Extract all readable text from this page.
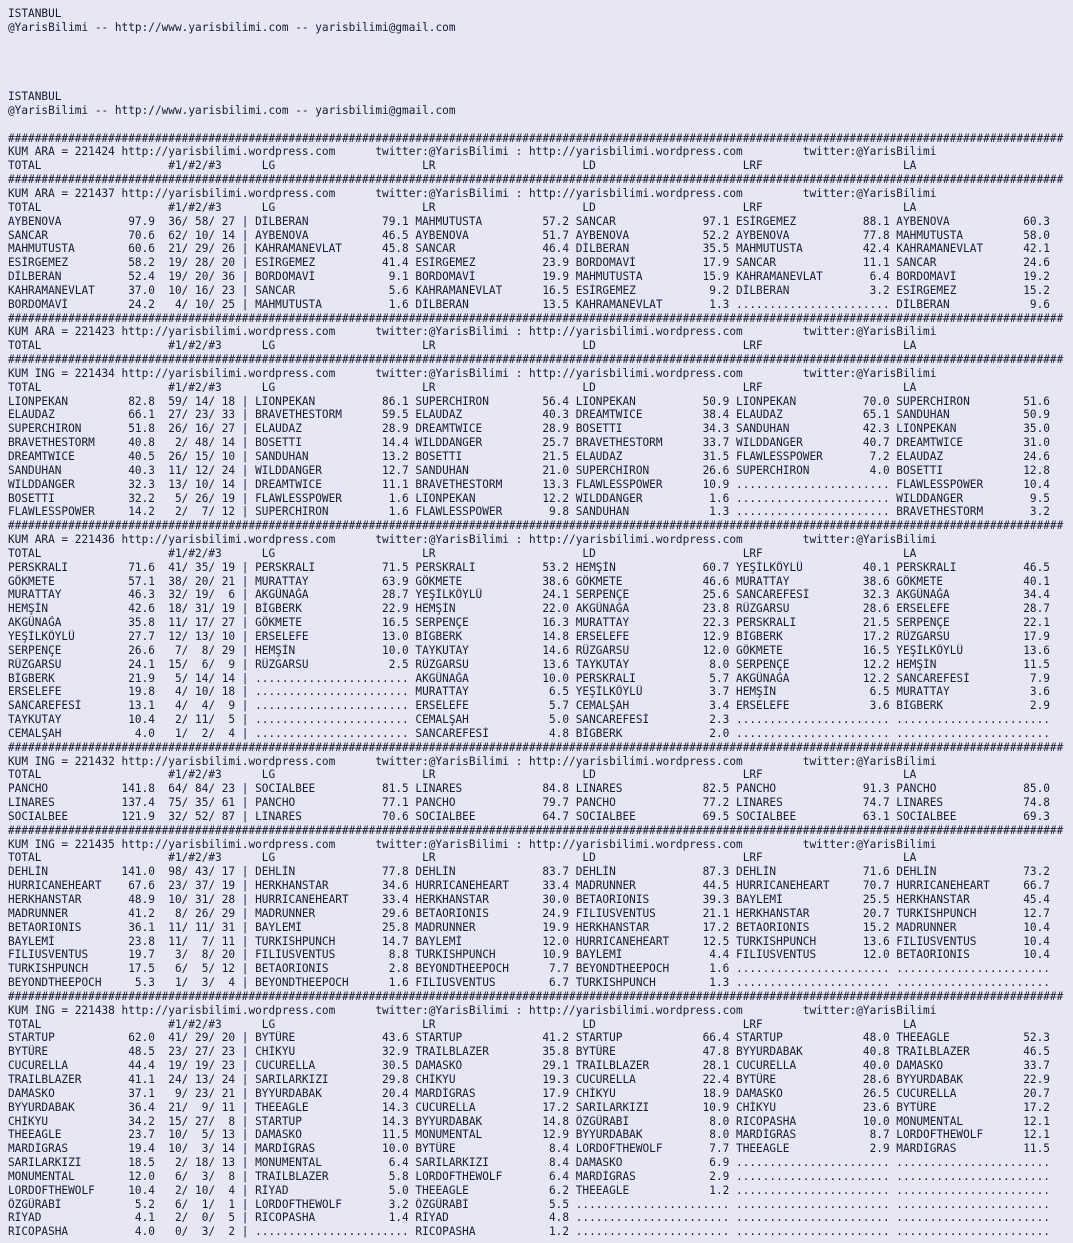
ISTANBUL
@YarisBilimi -- http://www.yarisbilimi.com -- yarisbilimi@gmail.com
ISTANBUL
@YarisBilimi -- http://www.yarisbilimi.com -- yarisbilimi@gmail.com
##############################################################################################################################################################
KUM ARA = 221424 http://yarisbilimi.wordpress.com      twitter:@YarisBilimi : http://yarisbilimi.wordpress.com         twitter:@YarisBilimi
TOTAL                   #1/#2/#3      LG                      LR                      LD                      LRF                     LA
##############################################################################################################################################################
KUM ARA = 221437 http://yarisbilimi.wordpress.com      twitter:@YarisBilimi : http://yarisbilimi.wordpress.com         twitter:@YarisBilimi
TOTAL                   #1/#2/#3      LG                      LR                      LD                      LRF                     LA
AYBENOVA          97.9  36/ 58/ 27 | DİLBERAN           79.1 MAHMUTUSTA         57.2 SANCAR             97.1 ESİRGEMEZ          88.1 AYBENOVA           60.3
SANCAR            70.6  62/ 10/ 14 | AYBENOVA           46.5 AYBENOVA           51.7 AYBENOVA           52.2 AYBENOVA           77.8 MAHMUTUSTA         58.0
MAHMUTUSTA        60.6  21/ 29/ 26 | KAHRAMANEVLAT      45.8 SANCAR             46.4 DİLBERAN           35.5 MAHMUTUSTA         42.4 KAHRAMANEVLAT      42.1
ESİRGEMEZ         58.2  19/ 28/ 20 | ESİRGEMEZ          41.4 ESİRGEMEZ          23.9 BORDOMAVİ          17.9 SANCAR             11.1 SANCAR             24.6
DİLBERAN          52.4  19/ 20/ 36 | BORDOMAVİ           9.1 BORDOMAVİ          19.9 MAHMUTUSTA         15.9 KAHRAMANEVLAT       6.4 BORDOMAVİ          19.2
KAHRAMANEVLAT     37.0  10/ 16/ 23 | SANCAR              5.6 KAHRAMANEVLAT      16.5 ESİRGEMEZ           9.2 DİLBERAN            3.2 ESİRGEMEZ          15.2
BORDOMAVİ         24.2   4/ 10/ 25 | MAHMUTUSTA          1.6 DİLBERAN           13.5 KAHRAMANEVLAT       1.3 ....................... DİLBERAN            9.6
##############################################################################################################################################################
KUM ARA = 221423 http://yarisbilimi.wordpress.com      twitter:@YarisBilimi : http://yarisbilimi.wordpress.com         twitter:@YarisBilimi
TOTAL                   #1/#2/#3      LG                      LR                      LD                      LRF                     LA
##############################################################################################################################################################
KUM ING = 221434 http://yarisbilimi.wordpress.com      twitter:@YarisBilimi : http://yarisbilimi.wordpress.com         twitter:@YarisBilimi
TOTAL                   #1/#2/#3      LG                      LR                      LD                      LRF                     LA
LIONPEKAN         82.8  59/ 14/ 18 | LIONPEKAN          86.1 SUPERCHIRON        56.4 LIONPEKAN          50.9 LIONPEKAN          70.0 SUPERCHIRON        51.6
ELAUDAZ           66.1  27/ 23/ 33 | BRAVETHESTORM      59.5 ELAUDAZ            40.3 DREAMTWICE         38.4 ELAUDAZ            65.1 SANDUHAN           50.9
SUPERCHIRON       51.8  26/ 16/ 27 | ELAUDAZ            28.9 DREAMTWICE         28.9 BOSETTI            34.3 SANDUHAN           42.3 LIONPEKAN          35.0
BRAVETHESTORM     40.8   2/ 48/ 14 | BOSETTI            14.4 WILDDANGER         25.7 BRAVETHESTORM      33.7 WILDDANGER         40.7 DREAMTWICE         31.0
DREAMTWICE        40.5  26/ 15/ 10 | SANDUHAN           13.2 BOSETTI            21.5 ELAUDAZ            31.5 FLAWLESSPOWER       7.2 ELAUDAZ            24.6
SANDUHAN          40.3  11/ 12/ 24 | WILDDANGER         12.7 SANDUHAN           21.0 SUPERCHIRON        26.6 SUPERCHIRON         4.0 BOSETTI            12.8
WILDDANGER        32.3  13/ 10/ 14 | DREAMTWICE         11.1 BRAVETHESTORM      13.3 FLAWLESSPOWER      10.9 ....................... FLAWLESSPOWER      10.4
BOSETTI           32.2   5/ 26/ 19 | FLAWLESSPOWER       1.6 LIONPEKAN          12.2 WILDDANGER          1.6 ....................... WILDDANGER          9.5
FLAWLESSPOWER     14.2   2/  7/ 12 | SUPERCHIRON         1.6 FLAWLESSPOWER       9.8 SANDUHAN            1.3 ....................... BRAVETHESTORM       3.2
##############################################################################################################################################################
KUM ARA = 221436 http://yarisbilimi.wordpress.com      twitter:@YarisBilimi : http://yarisbilimi.wordpress.com         twitter:@YarisBilimi
TOTAL                   #1/#2/#3      LG                      LR                      LD                      LRF                     LA
PERSKRALI         71.6  41/ 35/ 19 | PERSKRALI          71.5 PERSKRALI          53.2 HEMŞİN             60.7 YEŞİLKÖYLÜ         40.1 PERSKRALI          46.5
GÖKMETE           57.1  38/ 20/ 21 | MURATTAY           63.9 GÖKMETE            38.6 GÖKMETE            46.6 MURATTAY           38.6 GÖKMETE            40.1
MURATTAY          46.3  32/ 19/  6 | AKGÜNAĞA           28.7 YEŞİLKÖYLÜ         24.1 SERPENÇE           25.6 SANCAREFESİ        32.3 AKGÜNAĞA           34.4
HEMŞİN            42.6  18/ 31/ 19 | BİGBERK            22.9 HEMŞİN             22.0 AKGÜNAĞA           23.8 RÜZGARSU           28.6 ERSELEFE           28.7
AKGÜNAĞA          35.8  11/ 17/ 27 | GÖKMETE            16.5 SERPENÇE           16.3 MURATTAY           22.3 PERSKRALI          21.5 SERPENÇE           22.1
YEŞİLKÖYLÜ        27.7  12/ 13/ 10 | ERSELEFE           13.0 BİGBERK            14.8 ERSELEFE           12.9 BİGBERK            17.2 RÜZGARSU           17.9
SERPENÇE          26.6   7/  8/ 29 | HEMŞİN             10.0 TAYKUTAY           14.6 RÜZGARSU           12.0 GÖKMETE            16.5 YEŞİLKÖYLÜ         13.6
RÜZGARSU          24.1  15/  6/  9 | RÜZGARSU            2.5 RÜZGARSU           13.6 TAYKUTAY            8.0 SERPENÇE           12.2 HEMŞİN             11.5
BİGBERK           21.9   5/ 14/ 14 | ....................... AKGÜNAĞA           10.0 PERSKRALI           5.7 AKGÜNAĞA           12.2 SANCAREFESİ         7.9
ERSELEFE          19.8   4/ 10/ 18 | ....................... MURATTAY            6.5 YEŞİLKÖYLÜ          3.7 HEMŞİN              6.5 MURATTAY            3.6
SANCAREFESİ       13.1   4/  4/  9 | ....................... ERSELEFE            5.7 CEMALŞAH            3.4 ERSELEFE            3.6 BİGBERK             2.9
TAYKUTAY          10.4   2/ 11/  5 | ....................... CEMALŞAH            5.0 SANCAREFESİ         2.3 ....................... .......................
CEMALŞAH           4.0   1/  2/  4 | ....................... SANCAREFESİ         4.8 BİGBERK             2.0 ....................... .......................
##############################################################################################################################################################
KUM ING = 221432 http://yarisbilimi.wordpress.com      twitter:@YarisBilimi : http://yarisbilimi.wordpress.com         twitter:@YarisBilimi
TOTAL                   #1/#2/#3      LG                      LR                      LD                      LRF                     LA
PANCHO           141.8  64/ 84/ 23 | SOCIALBEE          81.5 LINARES            84.8 LINARES            82.5 PANCHO             91.3 PANCHO             85.0
LINARES          137.4  75/ 35/ 61 | PANCHO             77.1 PANCHO             79.7 PANCHO             77.2 LINARES            74.7 LINARES            74.8
SOCIALBEE        121.9  32/ 52/ 87 | LINARES            70.6 SOCIALBEE          64.7 SOCIALBEE          69.5 SOCIALBEE          63.1 SOCIALBEE          69.3
##############################################################################################################################################################
KUM ING = 221435 http://yarisbilimi.wordpress.com      twitter:@YarisBilimi : http://yarisbilimi.wordpress.com         twitter:@YarisBilimi
TOTAL                   #1/#2/#3      LG                      LR                      LD                      LRF                     LA
DEHLİN           141.0  98/ 43/ 17 | DEHLİN             77.8 DEHLİN             83.7 DEHLİN             87.3 DEHLİN             71.6 DEHLİN             73.2
HURRICANEHEART    67.6  23/ 37/ 19 | HERKHANSTAR        34.6 HURRICANEHEART     33.4 MADRUNNER          44.5 HURRICANEHEART     70.7 HURRICANEHEART     66.7
HERKHANSTAR       48.9  10/ 31/ 28 | HURRICANEHEART     33.4 HERKHANSTAR        30.0 BETAORIONIS        39.3 BAYLEMİ            25.5 HERKHANSTAR        45.4
MADRUNNER         41.2   8/ 26/ 29 | MADRUNNER          29.6 BETAORIONIS        24.9 FILIUSVENTUS       21.1 HERKHANSTAR        20.7 TURKISHPUNCH       12.7
BETAORIONIS       36.1  11/ 11/ 31 | BAYLEMİ            25.8 MADRUNNER          19.9 HERKHANSTAR        17.2 BETAORIONIS        15.2 MADRUNNER          10.4
BAYLEMİ           23.8  11/  7/ 11 | TURKISHPUNCH       14.7 BAYLEMİ            12.0 HURRICANEHEART     12.5 TURKISHPUNCH       13.6 FILIUSVENTUS       10.4
FILIUSVENTUS      19.7   3/  8/ 20 | FILIUSVENTUS        8.8 TURKISHPUNCH       10.9 BAYLEMİ             4.4 FILIUSVENTUS       12.0 BETAORIONIS        10.4
TURKISHPUNCH      17.5   6/  5/ 12 | BETAORIONIS         2.8 BEYONDTHEEPOCH      7.7 BEYONDTHEEPOCH      1.6 ....................... .......................
BEYONDTHEEPOCH     5.3   1/  3/  4 | BEYONDTHEEPOCH      1.6 FILIUSVENTUS        6.7 TURKISHPUNCH        1.3 ....................... .......................
##############################################################################################################################################################
KUM ING = 221438 http://yarisbilimi.wordpress.com      twitter:@YarisBilimi : http://yarisbilimi.wordpress.com         twitter:@YarisBilimi
TOTAL                   #1/#2/#3      LG                      LR                      LD                      LRF                     LA
STARTUP           62.0  41/ 29/ 20 | BYTÜRE             43.6 STARTUP            41.2 STARTUP            66.4 STARTUP            48.0 THEEAGLE           52.3
BYTÜRE            48.5  23/ 27/ 23 | CHİKYU             32.9 TRAILBLAZER        35.8 BYTÜRE             47.8 BYYURDABAK         40.8 TRAILBLAZER        46.5
CUCURELLA         44.4  19/ 19/ 23 | CUCURELLA          30.5 DAMASKO            29.1 TRAILBLAZER        28.1 CUCURELLA          40.0 DAMASKO            33.7
TRAILBLAZER       41.1  24/ 13/ 24 | SARILARKIZI        29.8 CHİKYU             19.3 CUCURELLA          22.4 BYTÜRE             28.6 BYYURDABAK         22.9
DAMASKO           37.1   9/ 23/ 21 | BYYURDABAK         20.4 MARDİGRAS          17.9 CHİKYU             18.9 DAMASKO            26.5 CUCURELLA          20.7
BYYURDABAK        36.4  21/  9/ 11 | THEEAGLE           14.3 CUCURELLA          17.2 SARILARKIZI        10.9 CHİKYU             23.6 BYTÜRE             17.2
CHİKYU            34.2  15/ 27/  8 | STARTUP            14.3 BYYURDABAK         14.8 ÖZGÜRABİ            8.0 RICOPASHA          10.0 MONUMENTAL         12.1
THEEAGLE          23.7  10/  5/ 13 | DAMASKO            11.5 MONUMENTAL         12.9 BYYURDABAK          8.0 MARDİGRAS           8.7 LORDOFTHEWOLF      12.1
MARDİGRAS         19.4  10/  3/ 14 | MARDİGRAS          10.0 BYTÜRE              8.4 LORDOFTHEWOLF       7.7 THEEAGLE            2.9 MARDİGRAS          11.5
SARILARKIZI       18.5   2/ 18/ 13 | MONUMENTAL          6.4 SARILARKIZI         8.4 DAMASKO             6.9 ....................... .......................
MONUMENTAL        12.0   6/  3/  8 | TRAILBLAZER         5.8 LORDOFTHEWOLF       6.4 MARDİGRAS           2.9 ....................... .......................
LORDOFTHEWOLF     10.4   2/ 10/  4 | RİYAD               5.0 THEEAGLE            6.2 THEEAGLE            1.2 ....................... .......................
ÖZGÜRABİ           5.2   6/  1/  1 | LORDOFTHEWOLF       3.2 ÖZGÜRABİ            5.5 ....................... ....................... .......................
RİYAD              4.1   2/  0/  5 | RICOPASHA           1.4 RİYAD               4.8 ....................... ....................... .......................
RICOPASHA          4.0   0/  3/  2 | ....................... RICOPASHA           1.2 ....................... ....................... .......................
